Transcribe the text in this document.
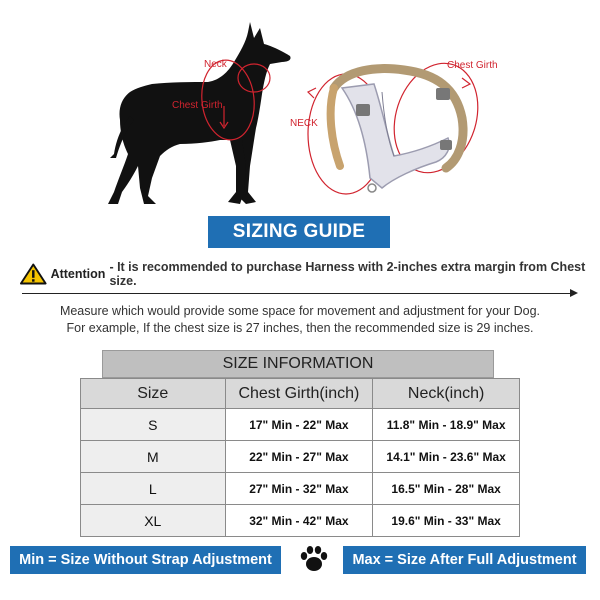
Neck
Chest Girth
Chest Girth
NECK
SIZING GUIDE
Attention - It is recommended to purchase Harness with 2-inches extra margin from Chest size.
Measure which would provide some space for movement and adjustment for your Dog.
For example, If the chest size is 27 inches, then the recommended size is 29 inches.
SIZE INFORMATION
Size	Chest Girth(inch)	Neck(inch)
S	17" Min - 22" Max	11.8" Min - 18.9" Max
M	22" Min - 27" Max	14.1" Min - 23.6" Max
L	27" Min - 32" Max	16.5" Min - 28" Max
XL	32" Min - 42" Max	19.6" Min - 33" Max
Min = Size Without Strap Adjustment	Max = Size After Full Adjustment
